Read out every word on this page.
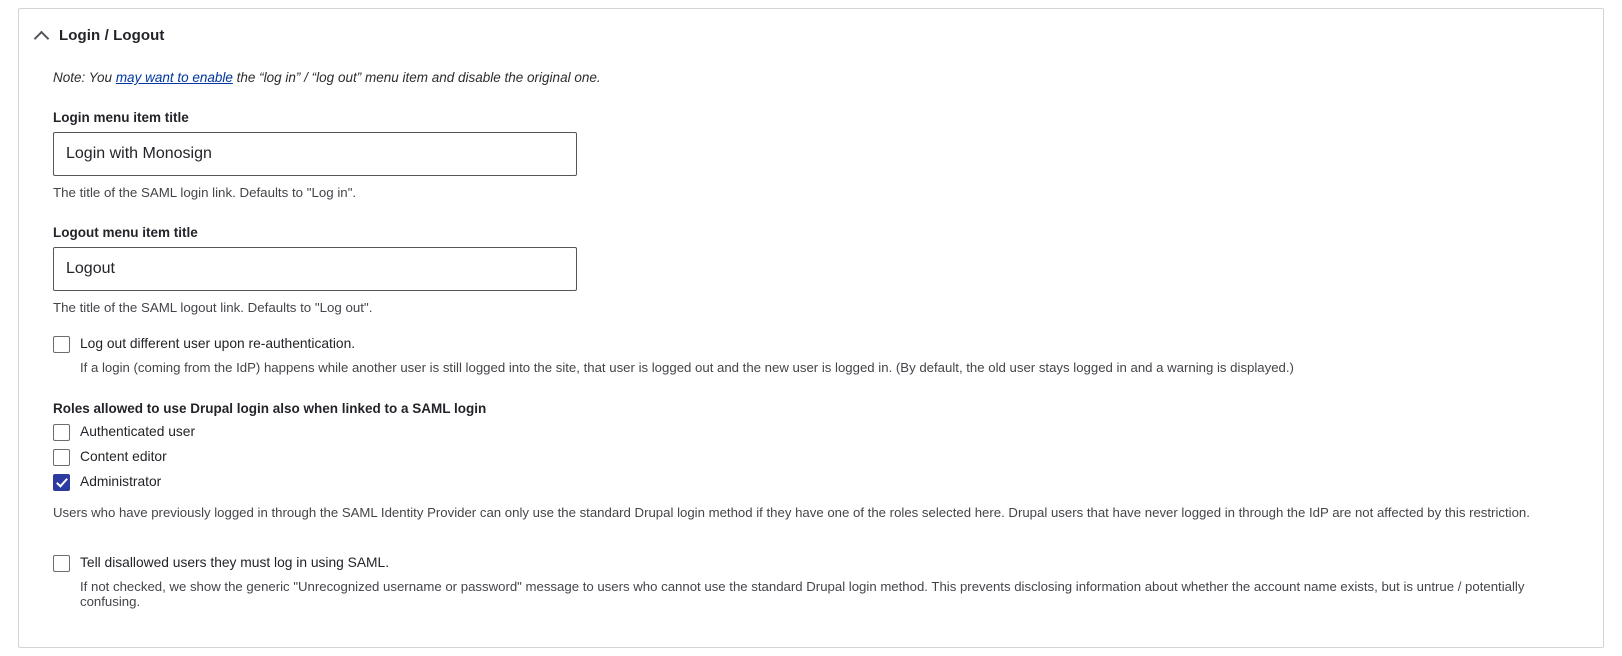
Login / Logout
Note: You may want to enable the “log in” / “log out” menu item and disable the original one.
Login menu item title
Login with Monosign
The title of the SAML login link. Defaults to "Log in".
Logout menu item title
Logout
The title of the SAML logout link. Defaults to "Log out".
Log out different user upon re-authentication.
If a login (coming from the IdP) happens while another user is still logged into the site, that user is logged out and the new user is logged in. (By default, the old user stays logged in and a warning is displayed.)
Roles allowed to use Drupal login also when linked to a SAML login
Authenticated user
Content editor
Administrator
Users who have previously logged in through the SAML Identity Provider can only use the standard Drupal login method if they have one of the roles selected here. Drupal users that have never logged in through the IdP are not affected by this restriction.
Tell disallowed users they must log in using SAML.
If not checked, we show the generic "Unrecognized username or password" message to users who cannot use the standard Drupal login method. This prevents disclosing information about whether the account name exists, but is untrue / potentially confusing.
